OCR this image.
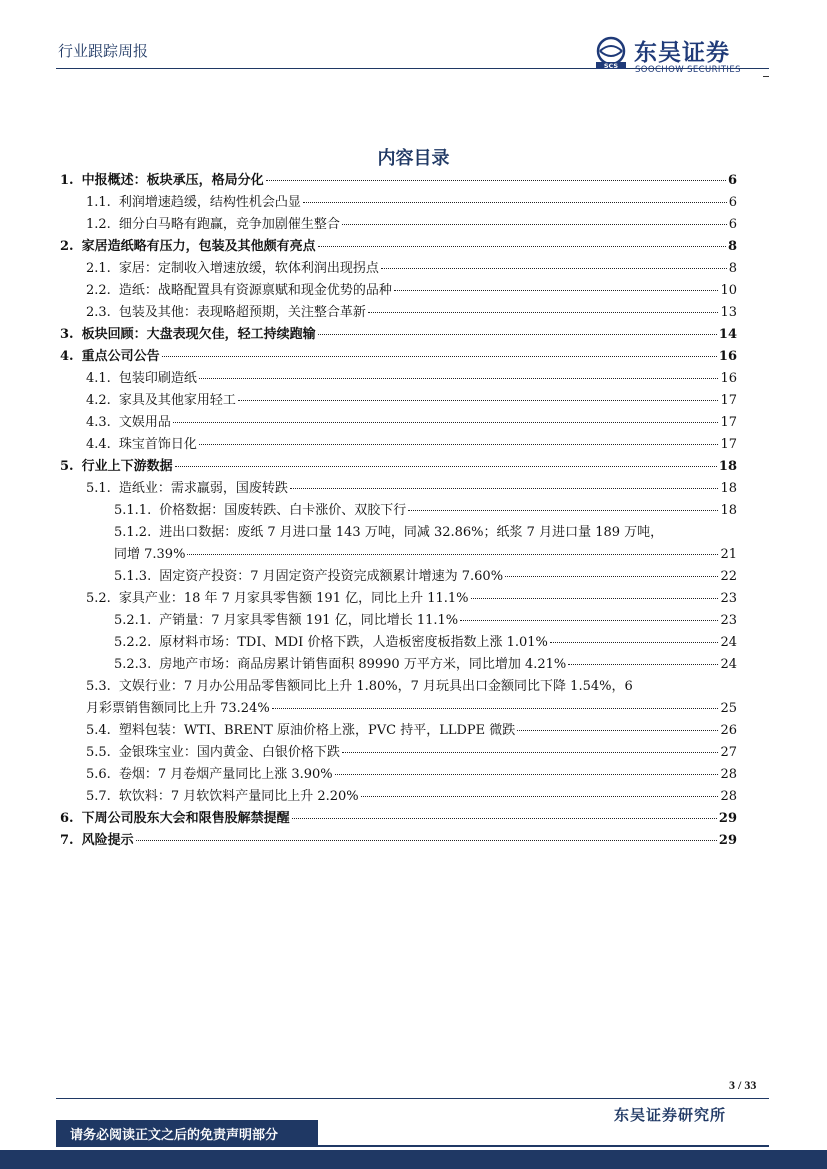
行业跟踪周报
SCS
东吴证券
SOOCHOW SECURITIES
内容目录
1. 中报概述：板块承压，格局分化	6
1.1. 利润增速趋缓，结构性机会凸显	6
1.2. 细分白马略有跑赢，竞争加剧催生整合	6
2. 家居造纸略有压力，包装及其他颇有亮点	8
2.1. 家居：定制收入增速放缓，软体利润出现拐点	8
2.2. 造纸：战略配置具有资源禀赋和现金优势的品种	10
2.3. 包装及其他：表现略超预期，关注整合革新	13
3. 板块回顾：大盘表现欠佳，轻工持续跑输	14
4. 重点公司公告	16
4.1. 包装印刷造纸	16
4.2. 家具及其他家用轻工	17
4.3. 文娱用品	17
4.4. 珠宝首饰日化	17
5. 行业上下游数据	18
5.1. 造纸业：需求羸弱，国废转跌	18
5.1.1. 价格数据：国废转跌、白卡涨价、双胶下行	18
5.1.2. 进出口数据：废纸 7 月进口量 143 万吨，同减 32.86%；纸浆 7 月进口量 189 万吨，
同增 7.39%	21
5.1.3. 固定资产投资：7 月固定资产投资完成额累计增速为 7.60%	22
5.2. 家具产业：18 年 7 月家具零售额 191 亿，同比上升 11.1%	23
5.2.1. 产销量：7 月家具零售额 191 亿，同比增长 11.1%	23
5.2.2. 原材料市场：TDI、MDI 价格下跌，人造板密度板指数上涨 1.01%	24
5.2.3. 房地产市场：商品房累计销售面积 89990 万平方米，同比增加 4.21%	24
5.3. 文娱行业：7 月办公用品零售额同比上升 1.80%，7 月玩具出口金额同比下降 1.54%，6
月彩票销售额同比上升 73.24%	25
5.4. 塑料包装：WTI、BRENT 原油价格上涨，PVC 持平，LLDPE 微跌	26
5.5. 金银珠宝业：国内黄金、白银价格下跌	27
5.6. 卷烟：7 月卷烟产量同比上涨 3.90%	28
5.7. 软饮料：7 月软饮料产量同比上升 2.20%	28
6. 下周公司股东大会和限售股解禁提醒	29
7. 风险提示	29
3 / 33
东吴证券研究所
请务必阅读正文之后的免责声明部分
